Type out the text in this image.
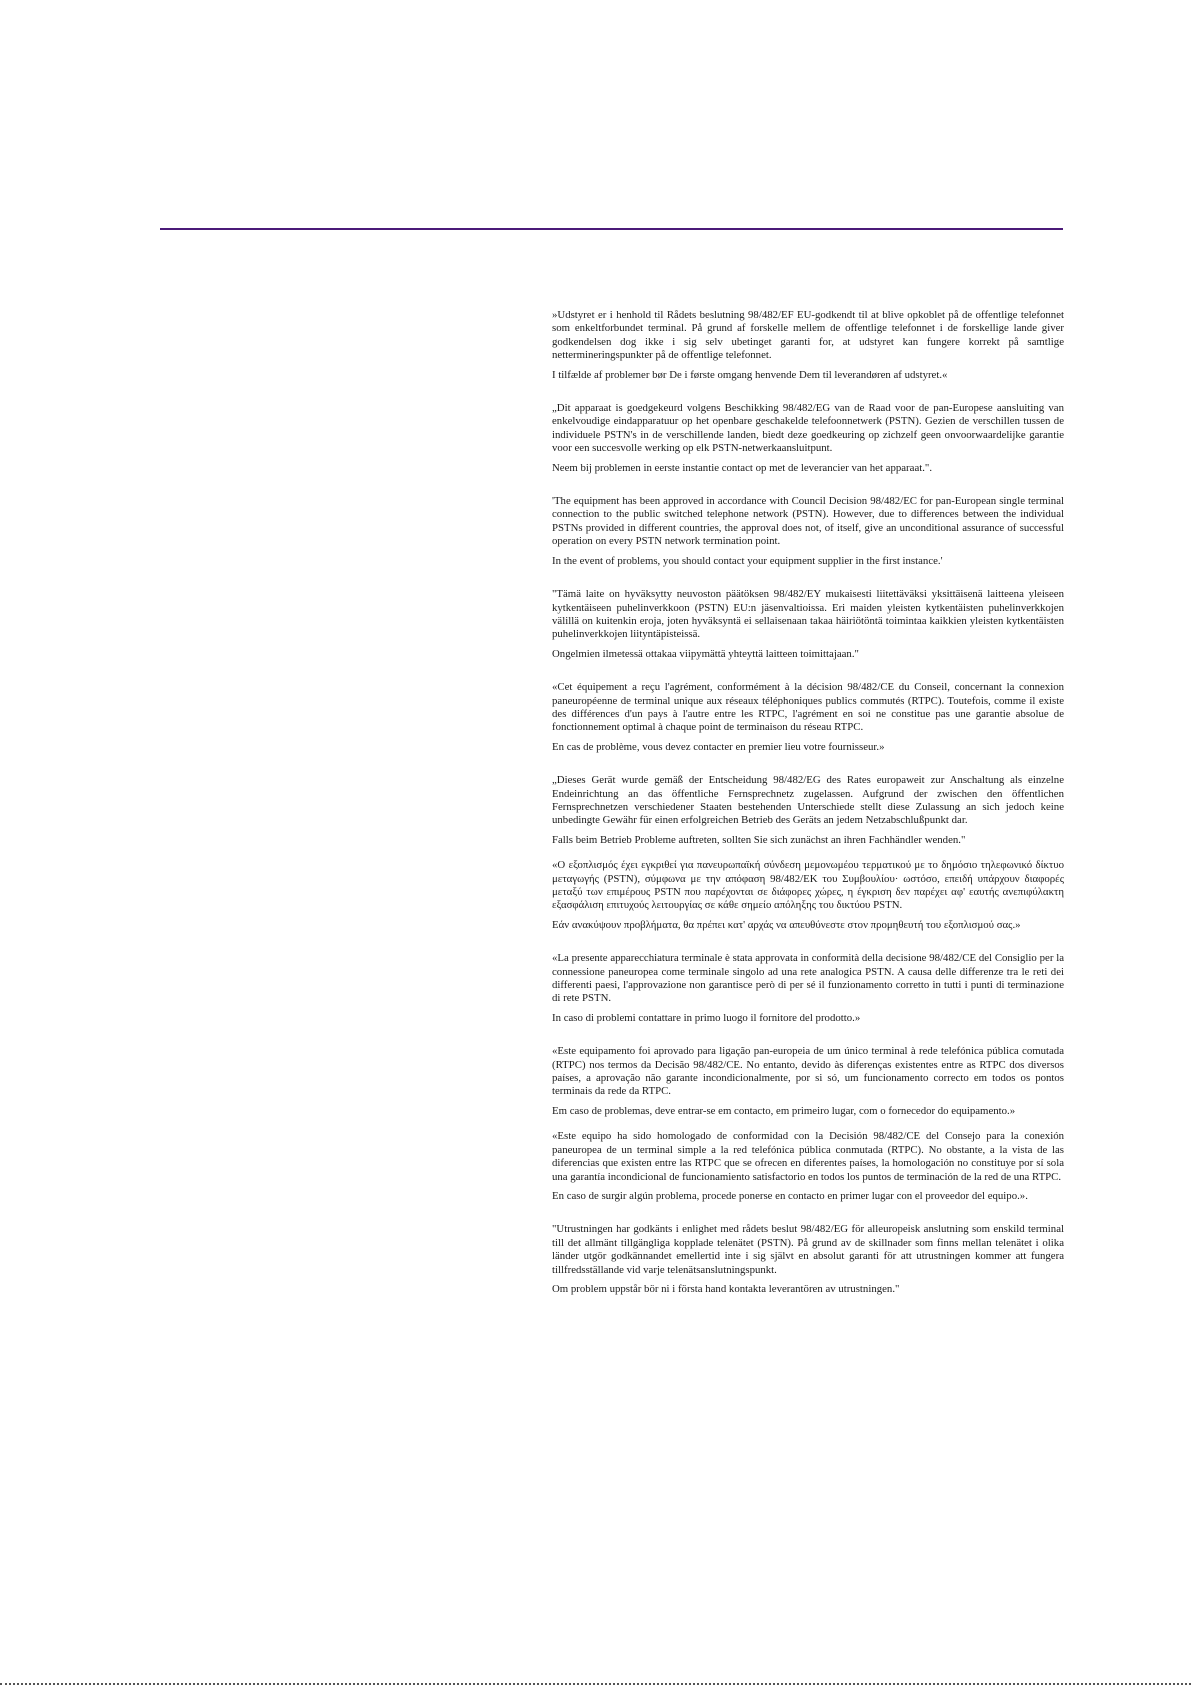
»Udstyret er i henhold til Rådets beslutning 98/482/EF EU-godkendt til at blive opkoblet på de offentlige telefonnet som enkeltforbundet terminal. På grund af forskelle mellem de offentlige telefonnet i de forskellige lande giver godkendelsen dog ikke i sig selv ubetinget garanti for, at udstyret kan fungere korrekt på samtlige nettermineringspunkter på de offentlige telefonnet.

I tilfælde af problemer bør De i første omgang henvende Dem til leverandøren af udstyret.«

„Dit apparaat is goedgekeurd volgens Beschikking 98/482/EG van de Raad voor de pan-Europese aansluiting van enkelvoudige eindapparatuur op het openbare geschakelde telefoonnetwerk (PSTN). Gezien de verschillen tussen de individuele PSTN's in de verschillende landen, biedt deze goedkeuring op zichzelf geen onvoorwaardelijke garantie voor een succesvolle werking op elk PSTN-netwerkaansluitpunt.

Neem bij problemen in eerste instantie contact op met de leverancier van het apparaat.".

'The equipment has been approved in accordance with Council Decision 98/482/EC for pan-European single terminal connection to the public switched telephone network (PSTN). However, due to differences between the individual PSTNs provided in different countries, the approval does not, of itself, give an unconditional assurance of successful operation on every PSTN network termination point.

In the event of problems, you should contact your equipment supplier in the first instance.'

"Tämä laite on hyväksytty neuvoston päätöksen 98/482/EY mukaisesti liitettäväksi yksittäisenä laitteena yleiseen kytkentäiseen puhelinverkkoon (PSTN) EU:n jäsenvaltioissa. Eri maiden yleisten kytkentäisten puhelinverkkojen välillä on kuitenkin eroja, joten hyväksyntä ei sellaisenaan takaa häiriötöntä toimintaa kaikkien yleisten kytkentäisten puhelinverkkojen liityntäpisteissä.

Ongelmien ilmetessä ottakaa viipymättä yhteyttä laitteen toimittajaan."

«Cet équipement a reçu l'agrément, conformément à la décision 98/482/CE du Conseil, concernant la connexion paneuropéenne de terminal unique aux réseaux téléphoniques publics commutés (RTPC). Toutefois, comme il existe des différences d'un pays à l'autre entre les RTPC, l'agrément en soi ne constitue pas une garantie absolue de fonctionnement optimal à chaque point de terminaison du réseau RTPC.

En cas de problème, vous devez contacter en premier lieu votre fournisseur.»

„Dieses Gerät wurde gemäß der Entscheidung 98/482/EG des Rates europaweit zur Anschaltung als einzelne Endeinrichtung an das öffentliche Fernsprechnetz zugelassen. Aufgrund der zwischen den öffentlichen Fernsprechnetzen verschiedener Staaten bestehenden Unterschiede stellt diese Zulassung an sich jedoch keine unbedingte Gewähr für einen erfolgreichen Betrieb des Geräts an jedem Netzabschlußpunkt dar.

Falls beim Betrieb Probleme auftreten, sollten Sie sich zunächst an ihren Fachhändler wenden."

«Ο εξοπλισμός έχει εγκριθεί για πανευρωπαϊκή σύνδεση μεμονωμέου τερματικού με το δημόσιο τηλεφωνικό δίκτυο μεταγωγής (PSTN), σύμφωνα με την απόφαση 98/482/ΕΚ του Συμβουλίου· ωστόσο, επειδή υπάρχουν διαφορές μεταξύ των επιμέρους PSTN που παρέχονται σε διάφορες χώρες, η έγκριση δεν παρέχει αφ' εαυτής ανεπιφύλακτη εξασφάλιση επιτυχούς λειτουργίας σε κάθε σημείο απόληξης του δικτύου PSTN.

Εάν ανακύψουν προβλήματα, θα πρέπει κατ' αρχάς να απευθύνεστε στον προμηθευτή του εξοπλισμού σας.»

«La presente apparecchiatura terminale è stata approvata in conformità della decisione 98/482/CE del Consiglio per la connessione paneuropea come terminale singolo ad una rete analogica PSTN. A causa delle differenze tra le reti dei differenti paesi, l'approvazione non garantisce però di per sé il funzionamento corretto in tutti i punti di terminazione di rete PSTN.

In caso di problemi contattare in primo luogo il fornitore del prodotto.»

«Este equipamento foi aprovado para ligação pan-europeia de um único terminal à rede telefónica pública comutada (RTPC) nos termos da Decisão 98/482/CE. No entanto, devido às diferenças existentes entre as RTPC dos diversos países, a aprovação não garante incondicionalmente, por si só, um funcionamento correcto em todos os pontos terminais da rede da RTPC.

Em caso de problemas, deve entrar-se em contacto, em primeiro lugar, com o fornecedor do equipamento.»

«Este equipo ha sido homologado de conformidad con la Decisión 98/482/CE del Consejo para la conexión paneuropea de un terminal simple a la red telefónica pública conmutada (RTPC). No obstante, a la vista de las diferencias que existen entre las RTPC que se ofrecen en diferentes países, la homologación no constituye por sí sola una garantía incondicional de funcionamiento satisfactorio en todos los puntos de terminación de la red de una RTPC.

En caso de surgir algún problema, procede ponerse en contacto en primer lugar con el proveedor del equipo.».

"Utrustningen har godkänts i enlighet med rådets beslut 98/482/EG för alleuropeisk anslutning som enskild terminal till det allmänt tillgängliga kopplade telenätet (PSTN). På grund av de skillnader som finns mellan telenätet i olika länder utgör godkännandet emellertid inte i sig självt en absolut garanti för att utrustningen kommer att fungera tillfredsställande vid varje telenätsanslutningspunkt.

Om problem uppstår bör ni i första hand kontakta leverantören av utrustningen."
